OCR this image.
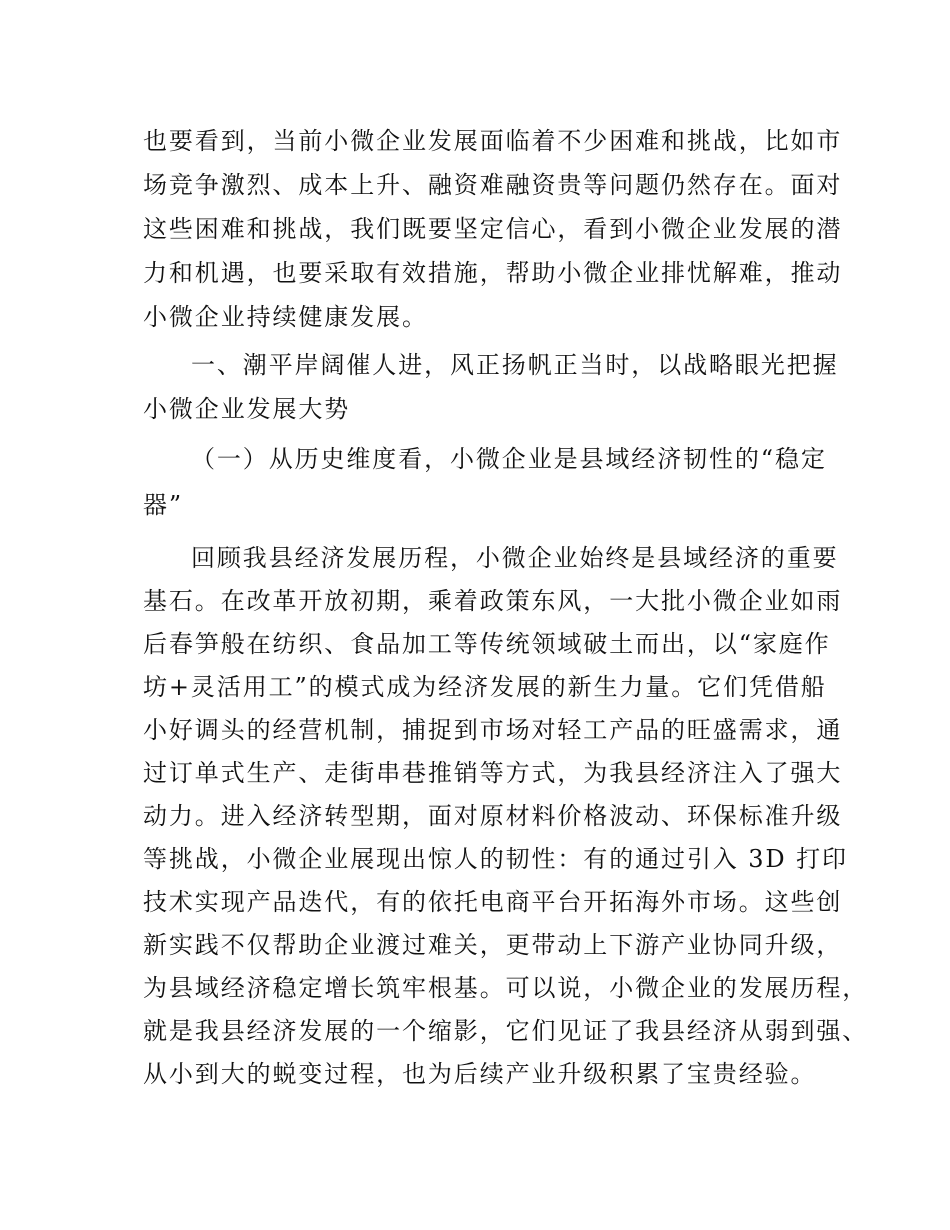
也要看到，当前小微企业发展面临着不少困难和挑战，比如市
场竞争激烈、成本上升、融资难融资贵等问题仍然存在。面对
这些困难和挑战，我们既要坚定信心，看到小微企业发展的潜
力和机遇，也要采取有效措施，帮助小微企业排忧解难，推动
小微企业持续健康发展。
一、潮平岸阔催人进，风正扬帆正当时，以战略眼光把握
小微企业发展大势
（一）从历史维度看，小微企业是县域经济韧性的“稳定
器”
回顾我县经济发展历程，小微企业始终是县域经济的重要
基石。在改革开放初期，乘着政策东风，一大批小微企业如雨
后春笋般在纺织、食品加工等传统领域破土而出，以“家庭作
坊+灵活用工”的模式成为经济发展的新生力量。它们凭借船
小好调头的经营机制，捕捉到市场对轻工产品的旺盛需求，通
过订单式生产、走街串巷推销等方式，为我县经济注入了强大
动力。进入经济转型期，面对原材料价格波动、环保标准升级
等挑战，小微企业展现出惊人的韧性：有的通过引入 3D 打印
技术实现产品迭代，有的依托电商平台开拓海外市场。这些创
新实践不仅帮助企业渡过难关，更带动上下游产业协同升级，
为县域经济稳定增长筑牢根基。可以说，小微企业的发展历程，
就是我县经济发展的一个缩影，它们见证了我县经济从弱到强、
从小到大的蜕变过程，也为后续产业升级积累了宝贵经验。
